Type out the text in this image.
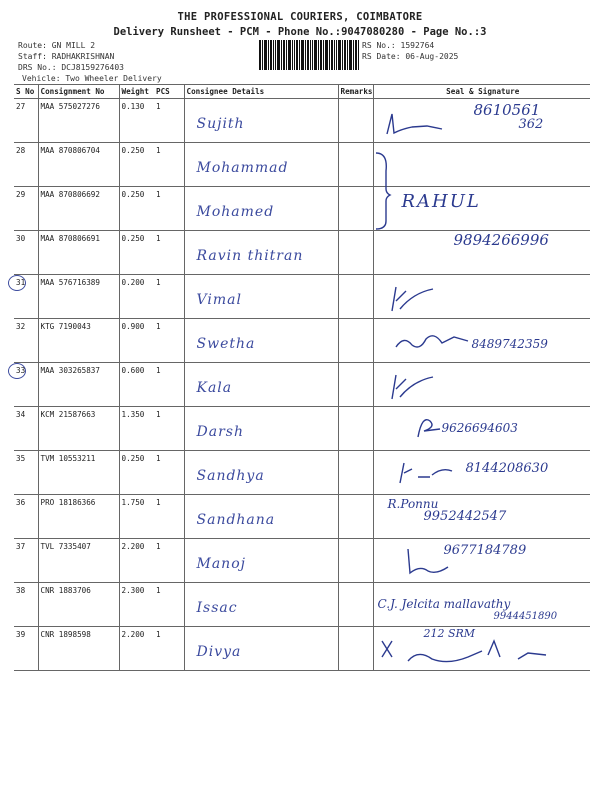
THE PROFESSIONAL COURIERS, COIMBATORE
Delivery Runsheet - PCM - Phone No.:9047080280 - Page No.:3
Route: GN MILL 2
Staff: RADHAKRISHNAN
DRS No.: DCJ8159276403
Vehicle: Two Wheeler Delivery
RS No.: 1592764
RS Date: 06-Aug-2025
S No	Consignment No	Weight	PCS	Consignee Details	Remarks	Seal & Signature
27	MAA 575027276	0.130	1	Sujith		8610561
362

28	MAA 870806704	0.250	1	Mohammad		

29	MAA 870806692	0.250	1	Mohamed		RAHUL

30	MAA 870806691	0.250	1	Ravin thitran		9894266996

31	MAA 576716389	0.200	1	Vimal		

32	KTG 7190043	0.900	1	Swetha		8489742359

33	MAA 303265837	0.600	1	Kala		

34	KCM 21587663	1.350	1	Darsh		9626694603

35	TVM 10553211	0.250	1	Sandhya		8144208630

36	PRO 18186366	1.750	1	Sandhana		R.Ponnu
9952442547

37	TVL 7335407	2.200	1	Manoj		9677184789

38	CNR 1883706	2.300	1	Issac		C.J. Jelcita mallavathy
9944451890

39	CNR 1898598	2.200	1	Divya		212 SRM
